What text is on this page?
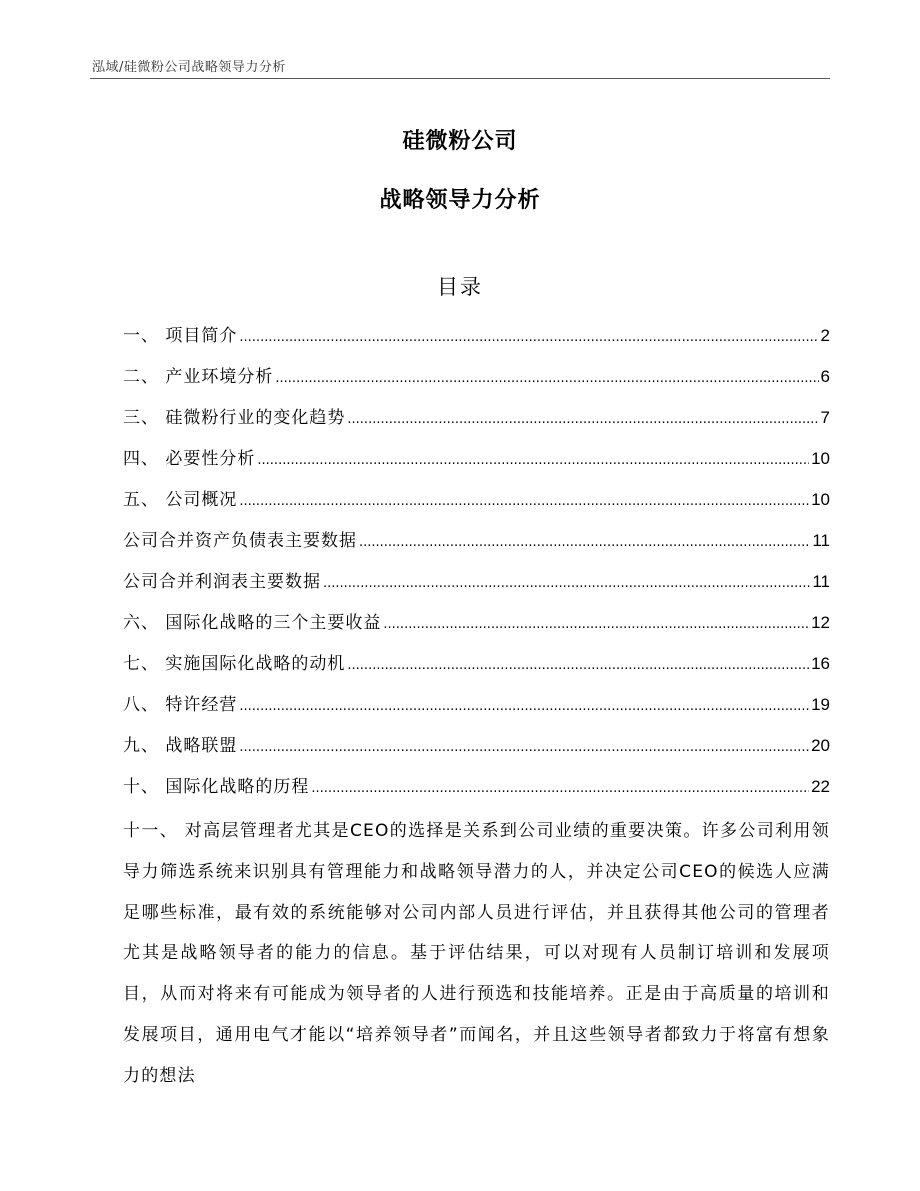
泓域/硅微粉公司战略领导力分析
硅微粉公司
战略领导力分析
目录
一、 项目简介 .....	2
二、 产业环境分析 .....	6
三、 硅微粉行业的变化趋势 .....	7
四、 必要性分析 .....	10
五、 公司概况 .....	10
公司合并资产负债表主要数据 .....	11
公司合并利润表主要数据 .....	11
六、 国际化战略的三个主要收益 .....	12
七、 实施国际化战略的动机 .....	16
八、 特许经营 .....	19
九、 战略联盟 .....	20
十、 国际化战略的历程 .....	22
十一、 对高层管理者尤其是CEO的选择是关系到公司业绩的重要决策。许多公司利用领导力筛选系统来识别具有管理能力和战略领导潜力的人，并决定公司CEO的候选人应满足哪些标准，最有效的系统能够对公司内部人员进行评估，并且获得其他公司的管理者尤其是战略领导者的能力的信息。基于评估结果，可以对现有人员制订培训和发展项目，从而对将来有可能成为领导者的人进行预选和技能培养。正是由于高质量的培训和发展项目，通用电气才能以“培养领导者”而闻名，并且这些领导者都致力于将富有想象力的想法
